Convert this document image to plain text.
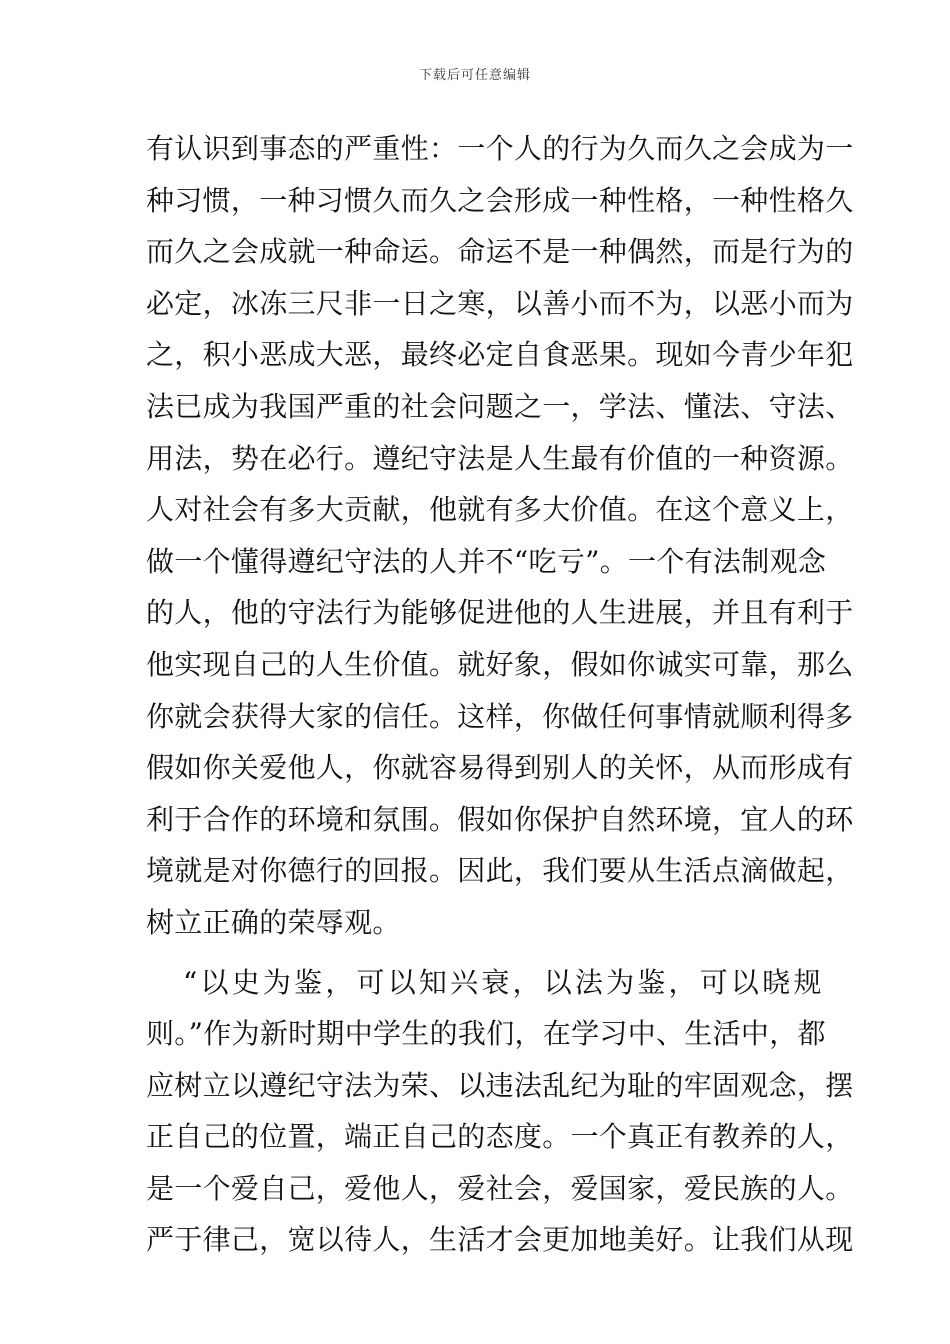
下载后可任意编辑
有认识到事态的严重性：一个人的行为久而久之会成为一
种习惯，一种习惯久而久之会形成一种性格，一种性格久
而久之会成就一种命运。命运不是一种偶然，而是行为的
必定，冰冻三尺非一日之寒，以善小而不为，以恶小而为
之，积小恶成大恶，最终必定自食恶果。现如今青少年犯
法已成为我国严重的社会问题之一，学法、懂法、守法、
用法，势在必行。遵纪守法是人生最有价值的一种资源。
人对社会有多大贡献，他就有多大价值。在这个意义上，
做一个懂得遵纪守法的人并不“吃亏”。一个有法制观念
的人，他的守法行为能够促进他的人生进展，并且有利于
他实现自己的人生价值。就好象，假如你诚实可靠，那么
你就会获得大家的信任。这样，你做任何事情就顺利得多
假如你关爱他人，你就容易得到别人的关怀，从而形成有
利于合作的环境和氛围。假如你保护自然环境，宜人的环
境就是对你德行的回报。因此，我们要从生活点滴做起，
树立正确的荣辱观。
“以史为鉴，可以知兴衰，以法为鉴，可以晓规
则。”作为新时期中学生的我们，在学习中、生活中，都
应树立以遵纪守法为荣、以违法乱纪为耻的牢固观念，摆
正自己的位置，端正自己的态度。一个真正有教养的人，
是一个爱自己，爱他人，爱社会，爱国家，爱民族的人。
严于律己，宽以待人，生活才会更加地美好。让我们从现
